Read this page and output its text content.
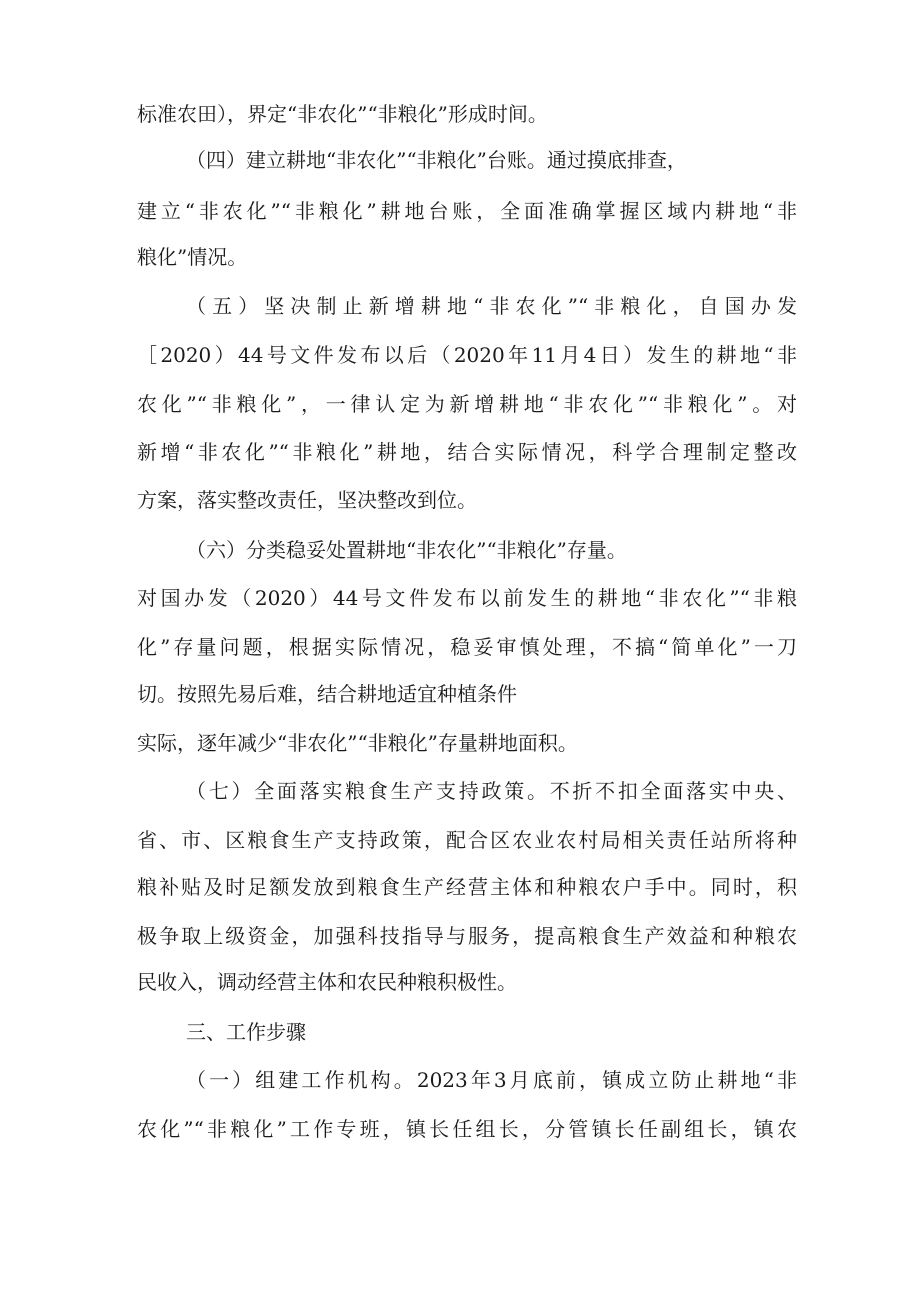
标准农田），界定“非农化”“非粮化”形成时间。
（四）建立耕地“非农化”“非粮化”台账。通过摸底排查，
建立“非农化”“非粮化”耕地台账，全面准确掌握区域内耕地“非
粮化”情况。
（五）坚决制止新增耕地“非农化”“非粮化，自国办发
［2020）44号文件发布以后（2020年11月4日）发生的耕地“非
农化”“非粮化”，一律认定为新增耕地“非农化”“非粮化”。对
新增“非农化”“非粮化”耕地，结合实际情况，科学合理制定整改
方案，落实整改责任，坚决整改到位。
（六）分类稳妥处置耕地“非农化”“非粮化”存量。
对国办发（2020）44号文件发布以前发生的耕地“非农化”“非粮
化”存量问题，根据实际情况，稳妥审慎处理，不搞“简单化”一刀
切。按照先易后难，结合耕地适宜种植条件
实际，逐年减少“非农化”“非粮化”存量耕地面积。
（七）全面落实粮食生产支持政策。不折不扣全面落实中央、
省、市、区粮食生产支持政策，配合区农业农村局相关责任站所将种
粮补贴及时足额发放到粮食生产经营主体和种粮农户手中。同时，积
极争取上级资金，加强科技指导与服务，提高粮食生产效益和种粮农
民收入，调动经营主体和农民种粮积极性。
三、工作步骤
（一）组建工作机构。2023年3月底前，镇成立防止耕地“非
农化”“非粮化”工作专班，镇长任组长，分管镇长任副组长，镇农
